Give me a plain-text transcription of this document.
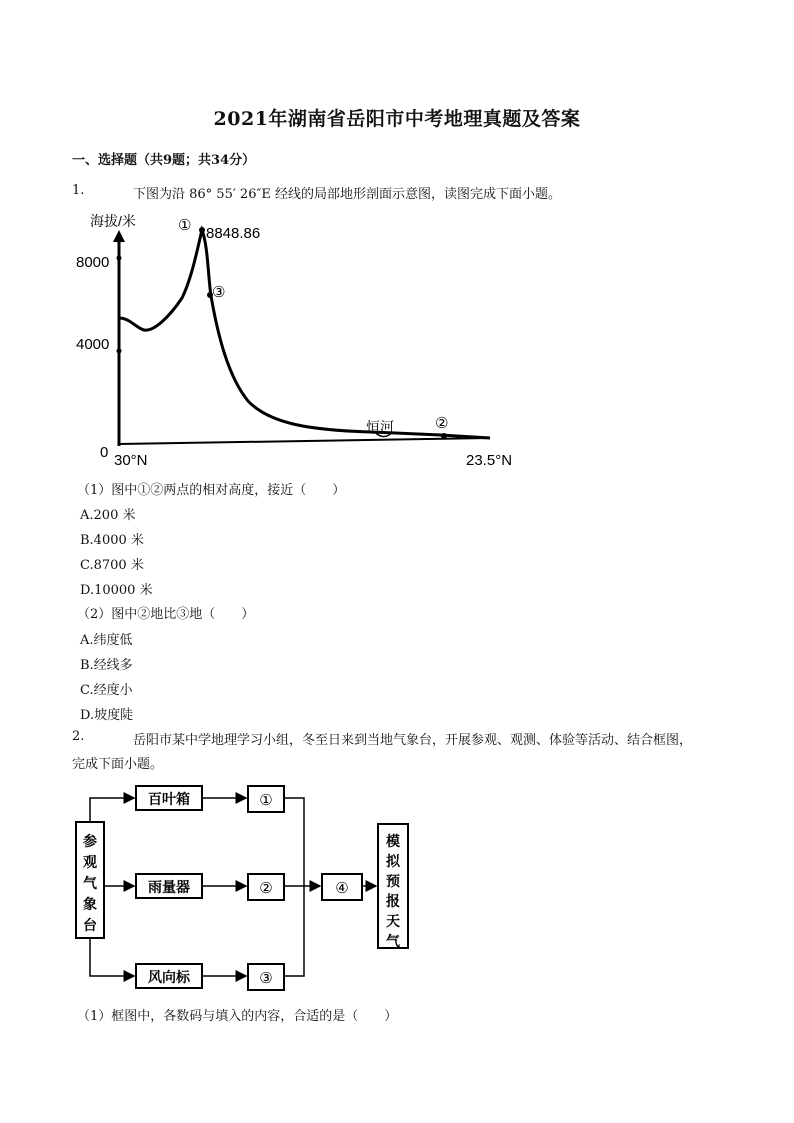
2021年湖南省岳阳市中考地理真题及答案
一、选择题（共9题；共34分）
1.	下图为沿 86° 55′ 26″E 经线的局部地形剖面示意图，读图完成下面小题。
海拔/米
8000
4000
0 30°N	23.5°N
8848.86
①
③
②
恒河
（1）图中①②两点的相对高度，接近（　　）
A.200 米
B.4000 米
C.8700 米
D.10000 米
（2）图中②地比③地（　　）
A.纬度低
B.经线多
C.经度小
D.坡度陡
2.	岳阳市某中学地理学习小组，冬至日来到当地气象台，开展参观、观测、体验等活动、结合框图，
完成下面小题。
参观气象台
百叶箱
雨量器
风向标
①
②
③
④
模拟预报天气
（1）框图中，各数码与填入的内容，合适的是（　　）
